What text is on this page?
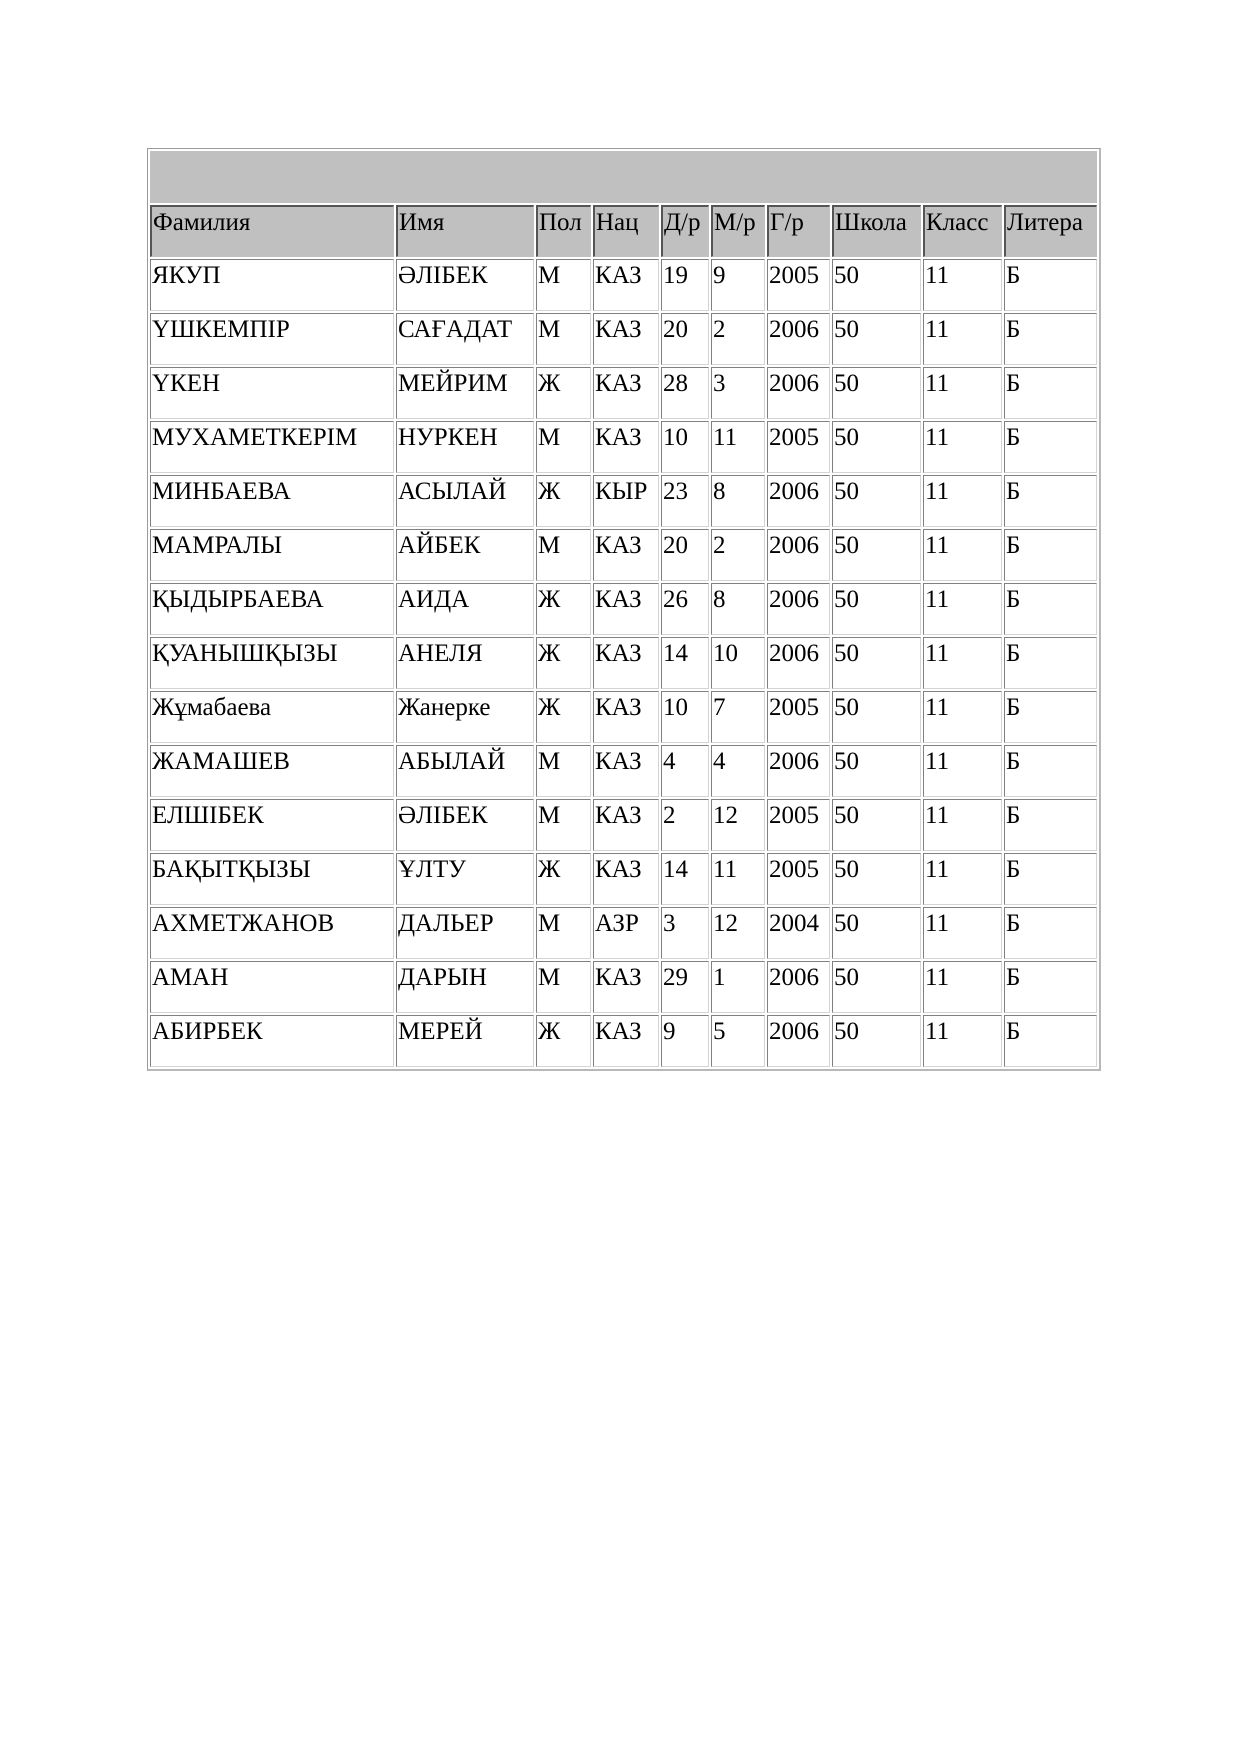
Фамилия	Имя	Пол	Нац	Д/р	М/р	Г/р	Школа	Класс	Литера
ЯКУП	ӘЛІБЕК	М	КАЗ	19	9	2005	50	11	Б
ҮШКЕМПІР	САҒАДАТ	М	КАЗ	20	2	2006	50	11	Б
ҮКЕН	МЕЙРИМ	Ж	КАЗ	28	3	2006	50	11	Б
МУХАМЕТКЕРІМ	НУРКЕН	М	КАЗ	10	11	2005	50	11	Б
МИНБАЕВА	АСЫЛАЙ	Ж	КЫР	23	8	2006	50	11	Б
МАМРАЛЫ	АЙБЕК	М	КАЗ	20	2	2006	50	11	Б
ҚЫДЫРБАЕВА	АИДА	Ж	КАЗ	26	8	2006	50	11	Б
ҚУАНЫШҚЫЗЫ	АНЕЛЯ	Ж	КАЗ	14	10	2006	50	11	Б
Жұмабаева	Жанерке	Ж	КАЗ	10	7	2005	50	11	Б
ЖАМАШЕВ	АБЫЛАЙ	М	КАЗ	4	4	2006	50	11	Б
ЕЛШІБЕК	ӘЛІБЕК	М	КАЗ	2	12	2005	50	11	Б
БАҚЫТҚЫЗЫ	ҰЛТУ	Ж	КАЗ	14	11	2005	50	11	Б
АХМЕТЖАНОВ	ДАЛЬЕР	М	АЗР	3	12	2004	50	11	Б
АМАН	ДАРЫН	М	КАЗ	29	1	2006	50	11	Б
АБИРБЕК	МЕРЕЙ	Ж	КАЗ	9	5	2006	50	11	Б
